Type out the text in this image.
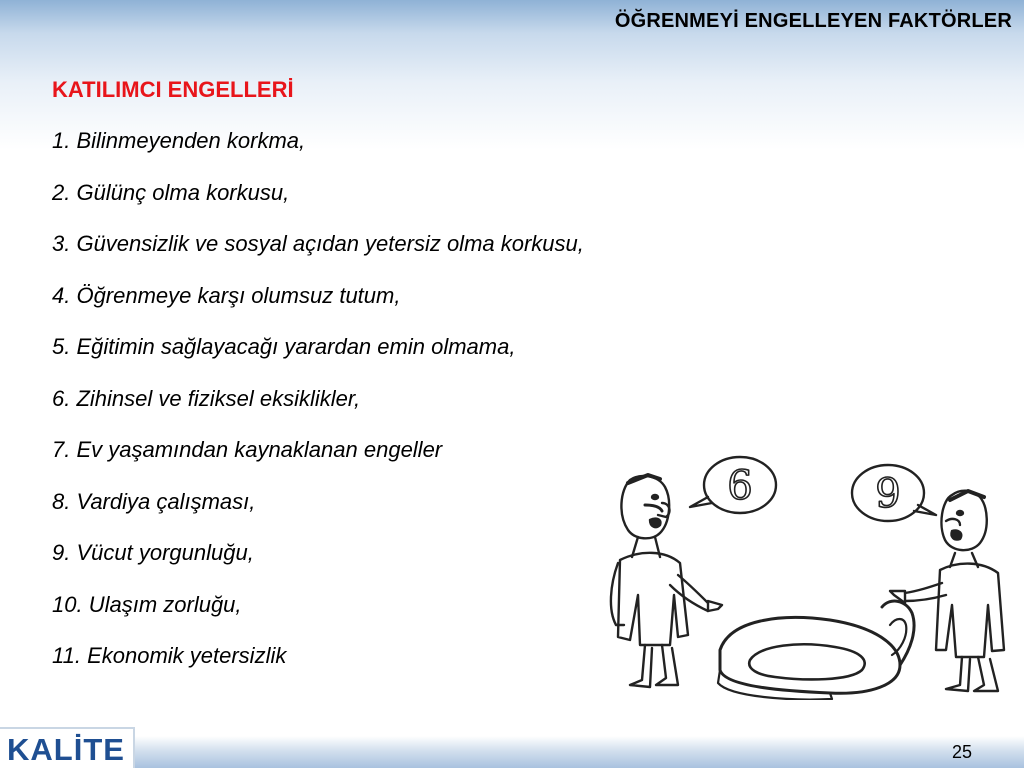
ÖĞRENMEYİ ENGELLEYEN FAKTÖRLER
KATILIMCI ENGELLERİ
1. Bilinmeyenden korkma,
2. Gülünç olma korkusu,
3. Güvensizlik ve sosyal açıdan yetersiz olma korkusu,
4. Öğrenmeye karşı olumsuz tutum,
5. Eğitimin sağlayacağı yarardan emin olmama,
6. Zihinsel ve fiziksel eksiklikler,
7. Ev yaşamından kaynaklanan engeller
8. Vardiya çalışması,
9. Vücut yorgunluğu,
10. Ulaşım zorluğu,
11. Ekonomik yetersizlik
6	9
KALİTE	25
